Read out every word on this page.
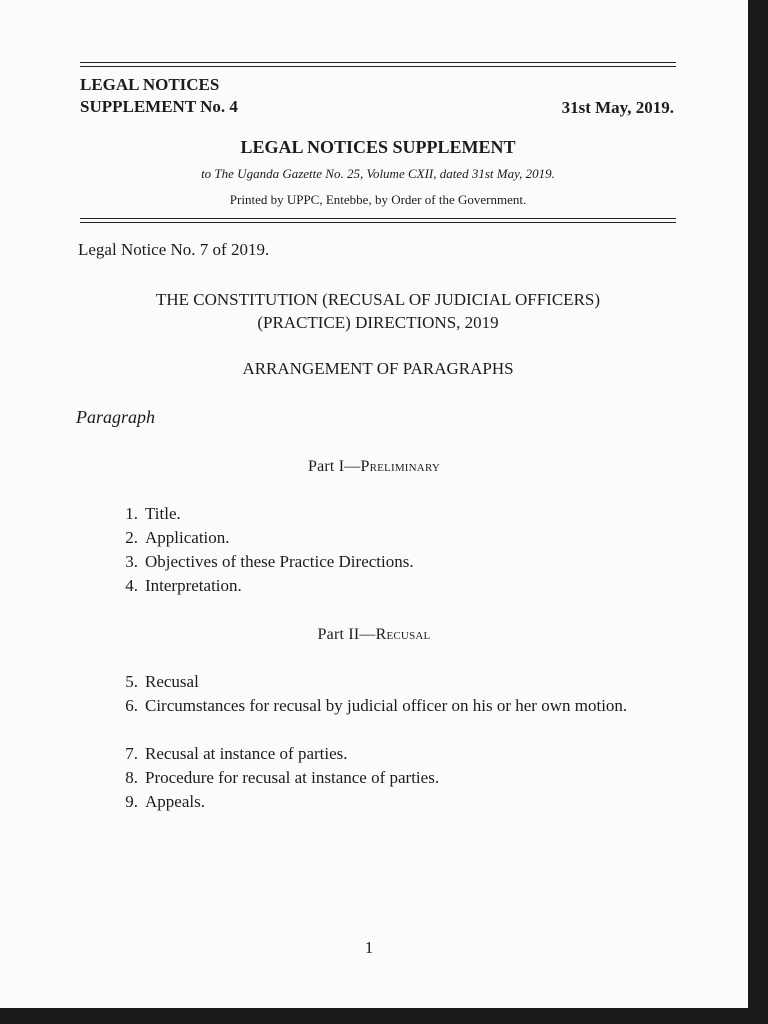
LEGAL NOTICES
SUPPLEMENT No. 4	31st May, 2019.
LEGAL NOTICES SUPPLEMENT
to The Uganda Gazette No. 25, Volume CXII, dated 31st May, 2019.
Printed by UPPC, Entebbe, by Order of the Government.
Legal Notice No. 7 of 2019.
THE CONSTITUTION (RECUSAL OF JUDICIAL OFFICERS)
(PRACTICE) DIRECTIONS, 2019
ARRANGEMENT OF PARAGRAPHS
Paragraph
Part I—Preliminary
1. Title.
2. Application.
3. Objectives of these Practice Directions.
4. Interpretation.
Part II—Recusal
5. Recusal
6. Circumstances for recusal by judicial officer on his or her own motion.
7. Recusal at instance of parties.
8. Procedure for recusal at instance of parties.
9. Appeals.
1
